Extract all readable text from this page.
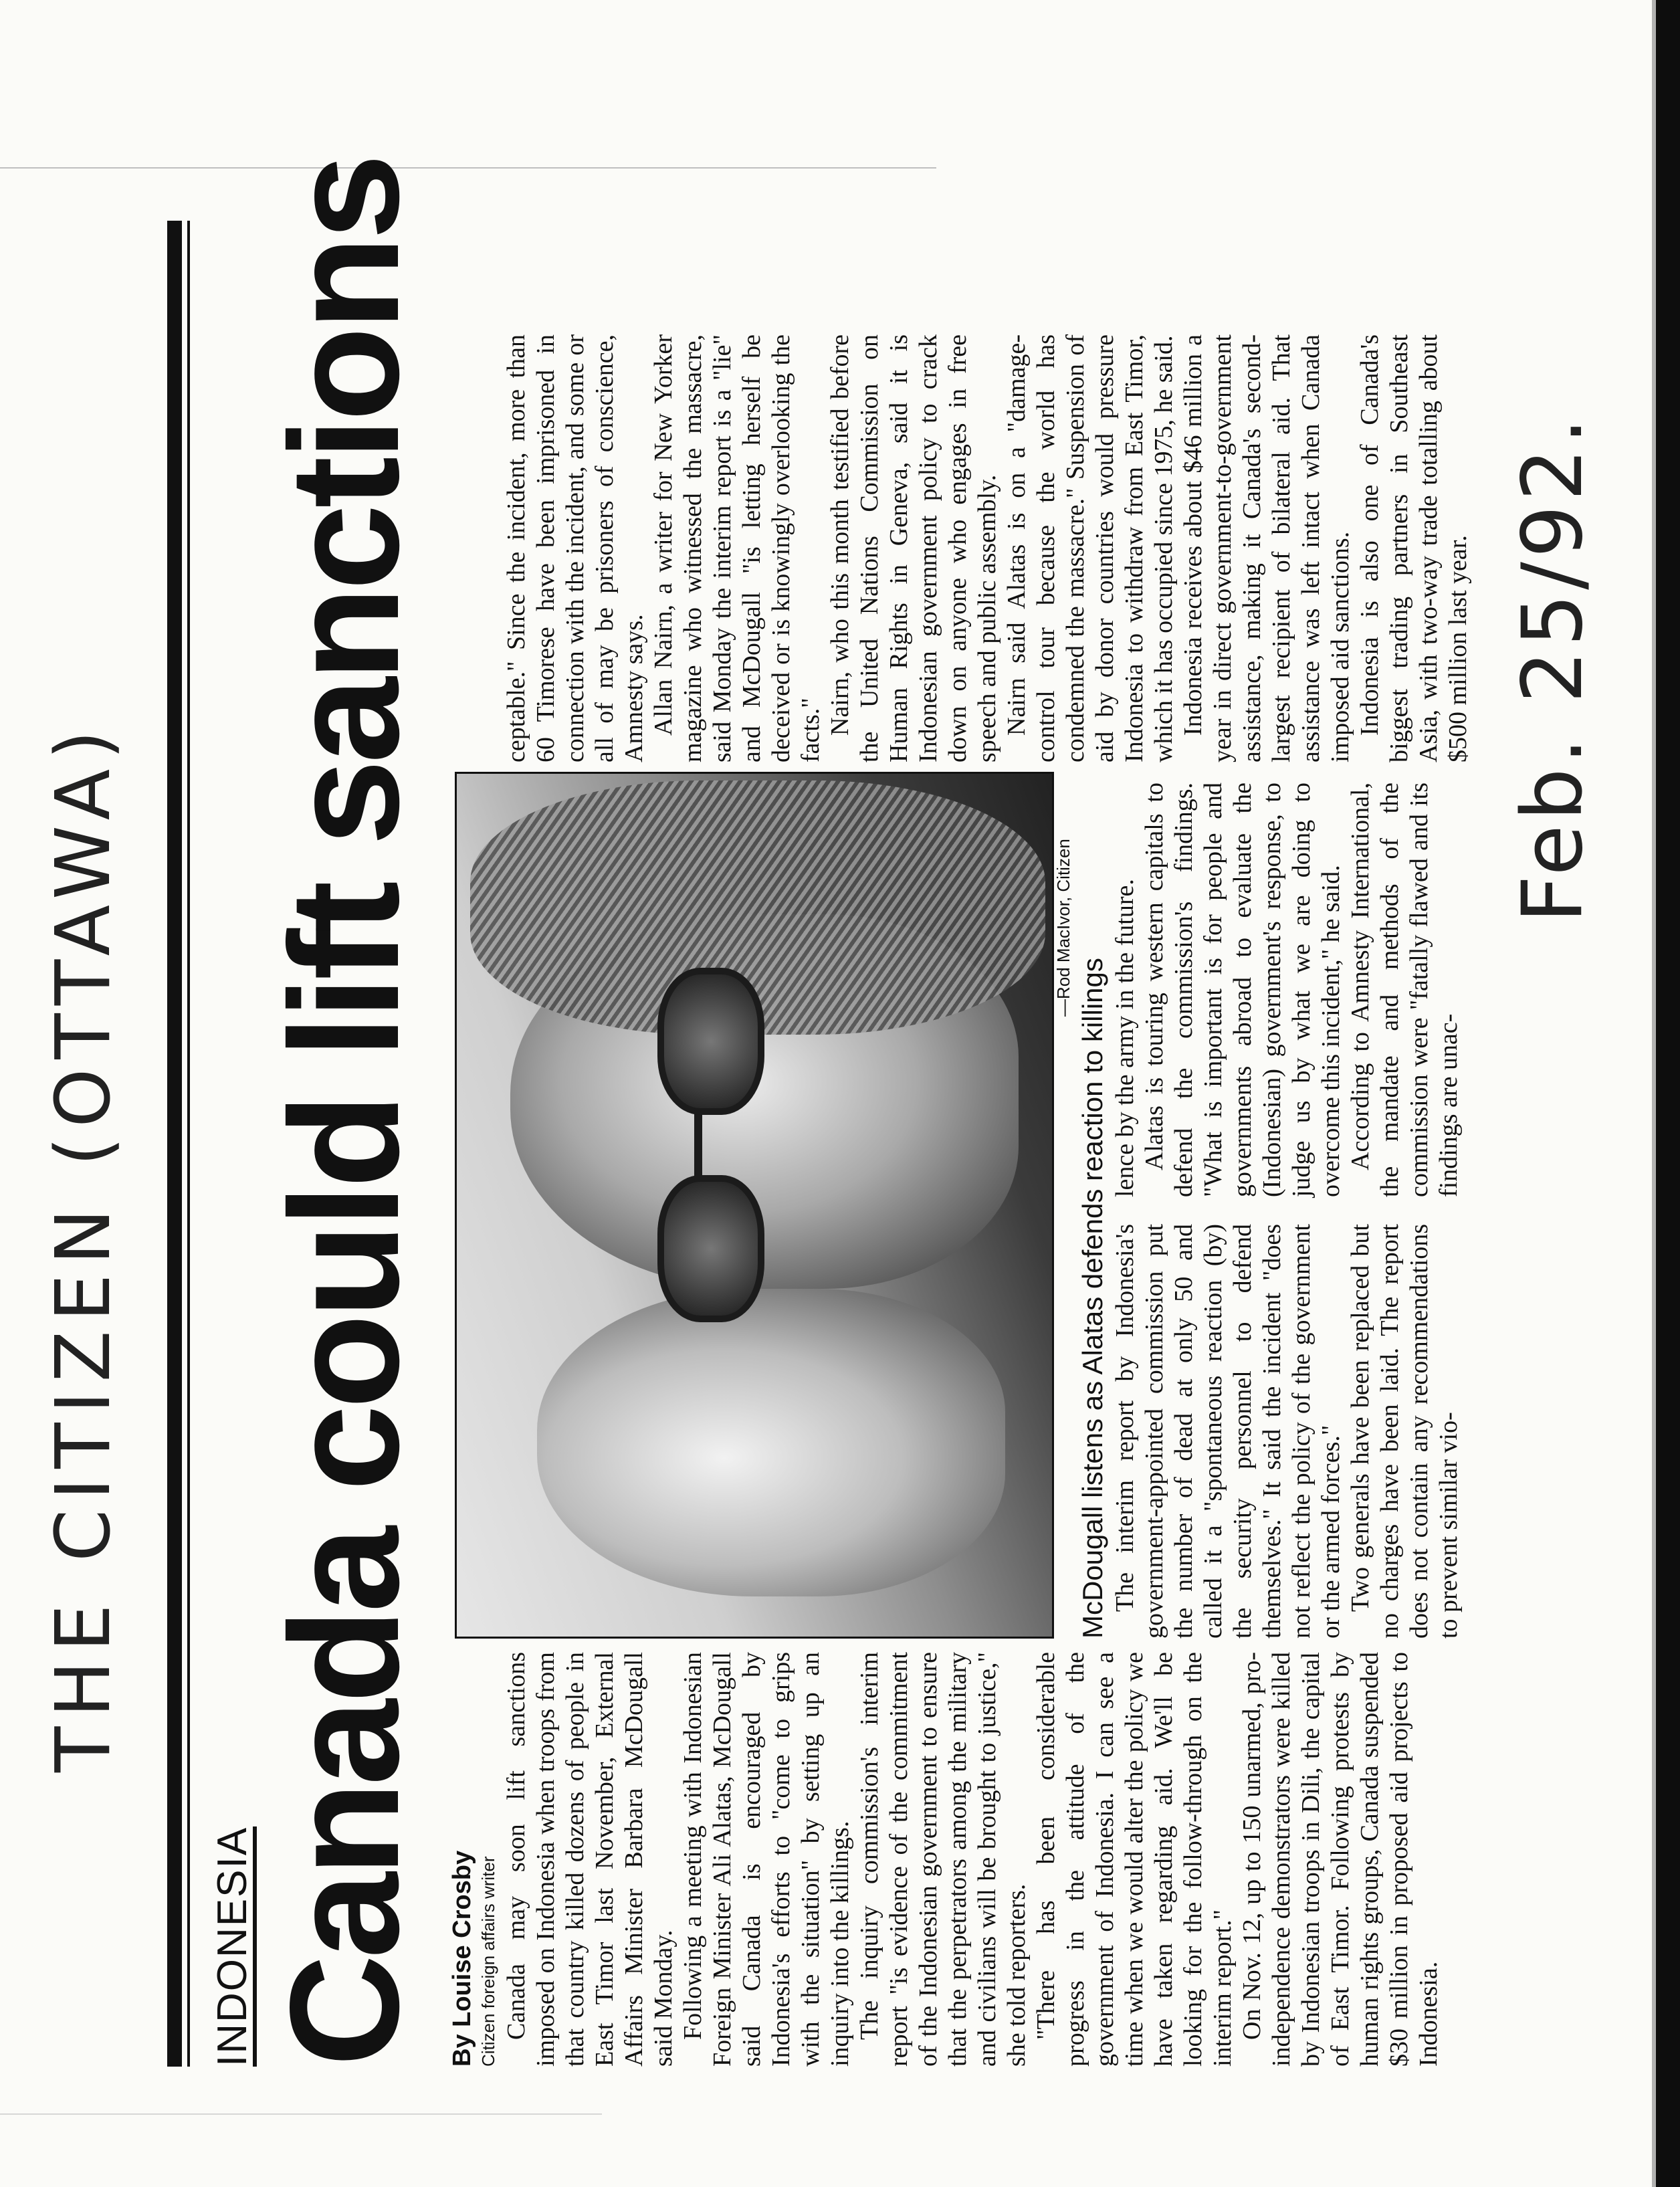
THE CITIZEN (OTTAWA)
Feb. 25/92.
INDONESIA Canada could lift sanctions By Louise Crosby Citizen foreign affairs writer Canada may soon lift sanctions imposed on Indonesia when troops from that country killed dozens of people in East Timor last November, External Affairs Minister Barbara McDougall said Monday. Following a meeting with Indonesian Foreign Minister Ali Alatas, McDougall said Canada is encouraged by Indonesia's efforts to "come to grips with the situation" by setting up an inquiry into the killings. The inquiry commission's interim report "is evidence of the commitment of the Indonesian government to ensure that the perpetrators among the military and civilians will be brought to justice," she told reporters. "There has been considerable progress in the attitude of the government of Indonesia. I can see a time when we would alter the policy we have taken regarding aid. We'll be looking for the follow-through on the interim report." On Nov. 12, up to 150 unarmed, pro-independence demonstrators were killed by Indonesian troops in Dili, the capital of East Timor. Following protests by human rights groups, Canada suspended $30 million in proposed aid projects to Indonesia.

—Rod MacIvor, Citizen
McDougall listens as Alatas defends reaction to killings The interim report by Indonesia's government-appointed commission put the number of dead at only 50 and called it a "spontaneous reaction (by) the security personnel to defend themselves." It said the incident "does not reflect the policy of the government or the armed forces." Two generals have been replaced but no charges have been laid. The report does not contain any recommendations to prevent similar vio-

lence by the army in the future. Alatas is touring western capitals to defend the commission's findings. "What is important is for people and governments abroad to evaluate the (Indonesian) government's response, to judge us by what we are doing to overcome this incident," he said. According to Amnesty International, the mandate and methods of the commission were "fatally flawed and its findings are unac-

ceptable." Since the incident, more than 60 Timorese have been imprisoned in connection with the incident, and some or all of may be prisoners of conscience, Amnesty says. Allan Nairn, a writer for New Yorker magazine who witnessed the massacre, said Monday the interim report is a "lie" and McDougall "is letting herself be deceived or is knowingly overlooking the facts." Nairn, who this month testified before the United Nations Commission on Human Rights in Geneva, said it is Indonesian government policy to crack down on anyone who engages in free speech and public assembly. Nairn said Alatas is on a "damage-control tour because the world has condemned the massacre." Suspension of aid by donor countries would pressure Indonesia to withdraw from East Timor, which it has occupied since 1975, he said. Indonesia receives about $46 million a year in direct government-to-government assistance, making it Canada's second-largest recipient of bilateral aid. That assistance was left intact when Canada imposed aid sanctions. Indonesia is also one of Canada's biggest trading partners in Southeast Asia, with two-way trade totalling about $500 million last year.
